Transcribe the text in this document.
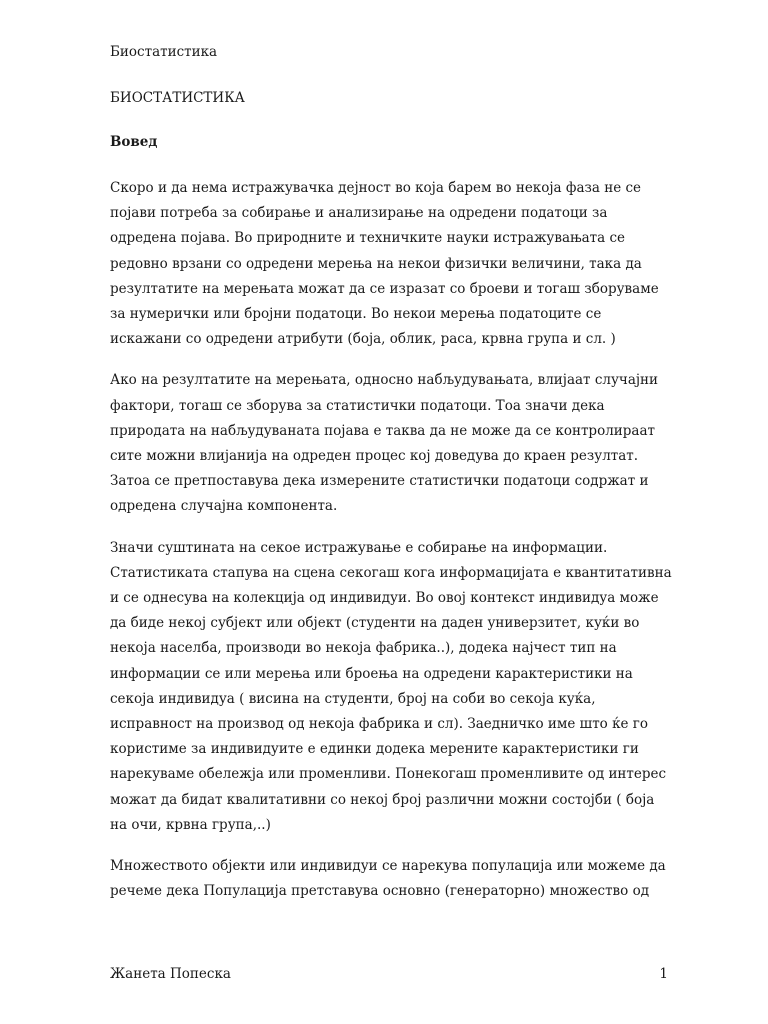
Биостатистика
БИОСТАТИСТИКА
Вовед
Скоро и да нема истражувачка дејност во која барем во некоја фаза не се
појави потреба за собирање и анализирање на одредени податоци за
одредена појава. Во природните и техничките науки истражувањата се
редовно врзани со одредени мерења на некои физички величини, така да
резултатите на мерењата можат да се изразат со броеви и тогаш зборуваме
за нумерички или бројни податоци. Во некои мерења податоците се
искажани со одредени атрибути (боја, облик, раса, крвна група и сл. )
Ако на резултатите на мерењата, односно набљудувањата, влијаат случајни
фактори, тогаш се зборува за статистички податоци. Тоа значи дека
природата на набљудуваната појава е таква да не може да се контролираат
сите можни влијанија на одреден процес кој доведува до краен резултат.
Затоа се претпоставува дека измерените статистички податоци содржат и
одредена случајна компонента.
Значи суштината на секое истражување е собирање на информации.
Статистиката стапува на сцена секогаш кога информацијата е квантитативна
и се однесува на колекција од индивидуи. Во овој контекст индивидуа може
да биде некој субјект или објект (студенти на даден универзитет, куќи во
некоја населба, производи во некоја фабрика..), додека најчест тип на
информации се или мерења или броења на одредени карактеристики на
секоја индивидуа ( висина на студенти, број на соби во секоја куќа,
исправност на производ од некоја фабрика и сл). Заедничко име што ќе го
користиме за индивидуите е единки додека мерените карактеристики ги
нарекуваме обележја или променливи. Понекогаш променливите од интерес
можат да бидат квалитативни со некој број различни можни состојби ( боја
на очи, крвна група,..)
Множеството објекти или индивидуи се нарекува популација или можеме да
речеме дека Популација претставува основно (генераторно) множество од
Жанета Попеска	1
